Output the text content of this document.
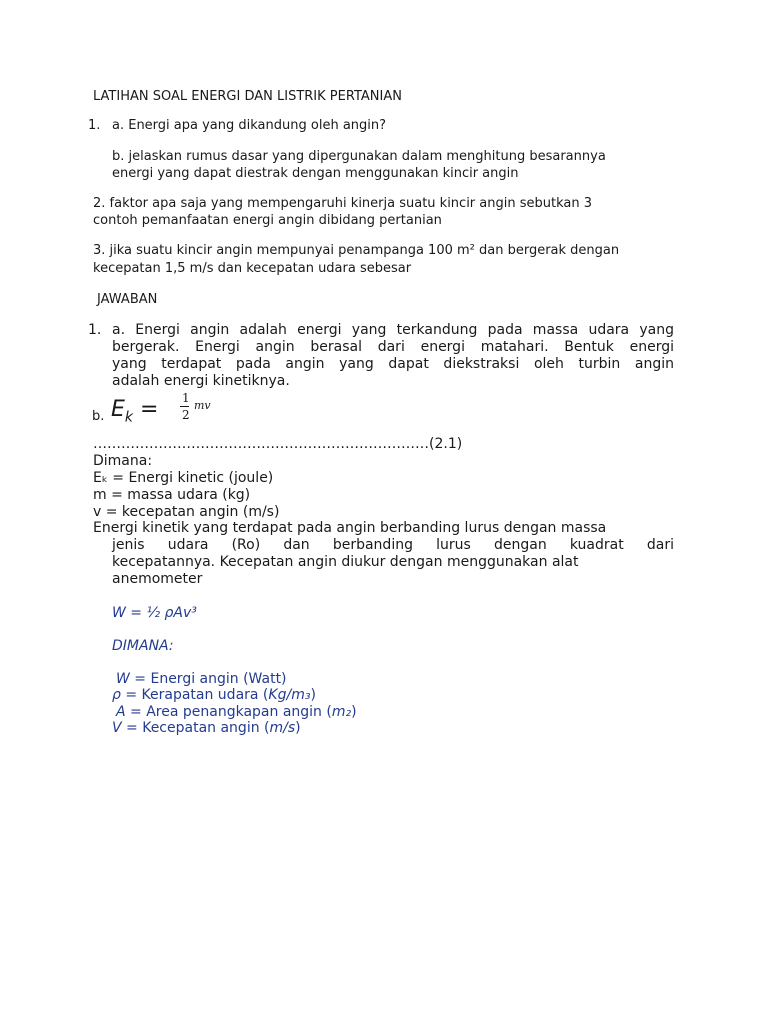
LATIHAN SOAL ENERGI DAN LISTRIK PERTANIAN
1. a. Energi apa yang dikandung oleh angin?
b. jelaskan rumus dasar yang dipergunakan dalam menghitung besarannya
energi yang dapat diestrak dengan menggunakan kincir angin
2. faktor apa saja yang mempengaruhi kinerja suatu kincir angin sebutkan 3
contoh pemanfaatan energi angin dibidang pertanian
3. jika suatu kincir angin mempunyai penampanga 100 m² dan bergerak dengan
kecepatan 1,5 m/s dan kecepatan udara sebesar
JAWABAN
1. a. Energi angin adalah energi yang terkandung pada massa udara yang
bergerak. Energi angin berasal dari energi matahari. Bentuk energi
yang terdapat pada angin yang dapat diekstraksi oleh turbin angin
adalah energi kinetiknya.
b. $E_k = 1$
2
mv
………………………………………………………………(2.1)
Dimana:
Eₖ = Energi kinetic (joule)
m = massa udara (kg)
v = kecepatan angin (m/s)
Energi kinetik yang terdapat pada angin berbanding lurus dengan massa
jenis udara (Ro) dan berbanding lurus dengan kuadrat dari
kecepatannya. Kecepatan angin diukur dengan menggunakan alat
anemometer
W = ½ ρAv³
DIMANA:
W = Energi angin (Watt)
ρ = Kerapatan udara (Kg/m₃)
A = Area penangkapan angin (m₂)
V = Kecepatan angin (m/s)
